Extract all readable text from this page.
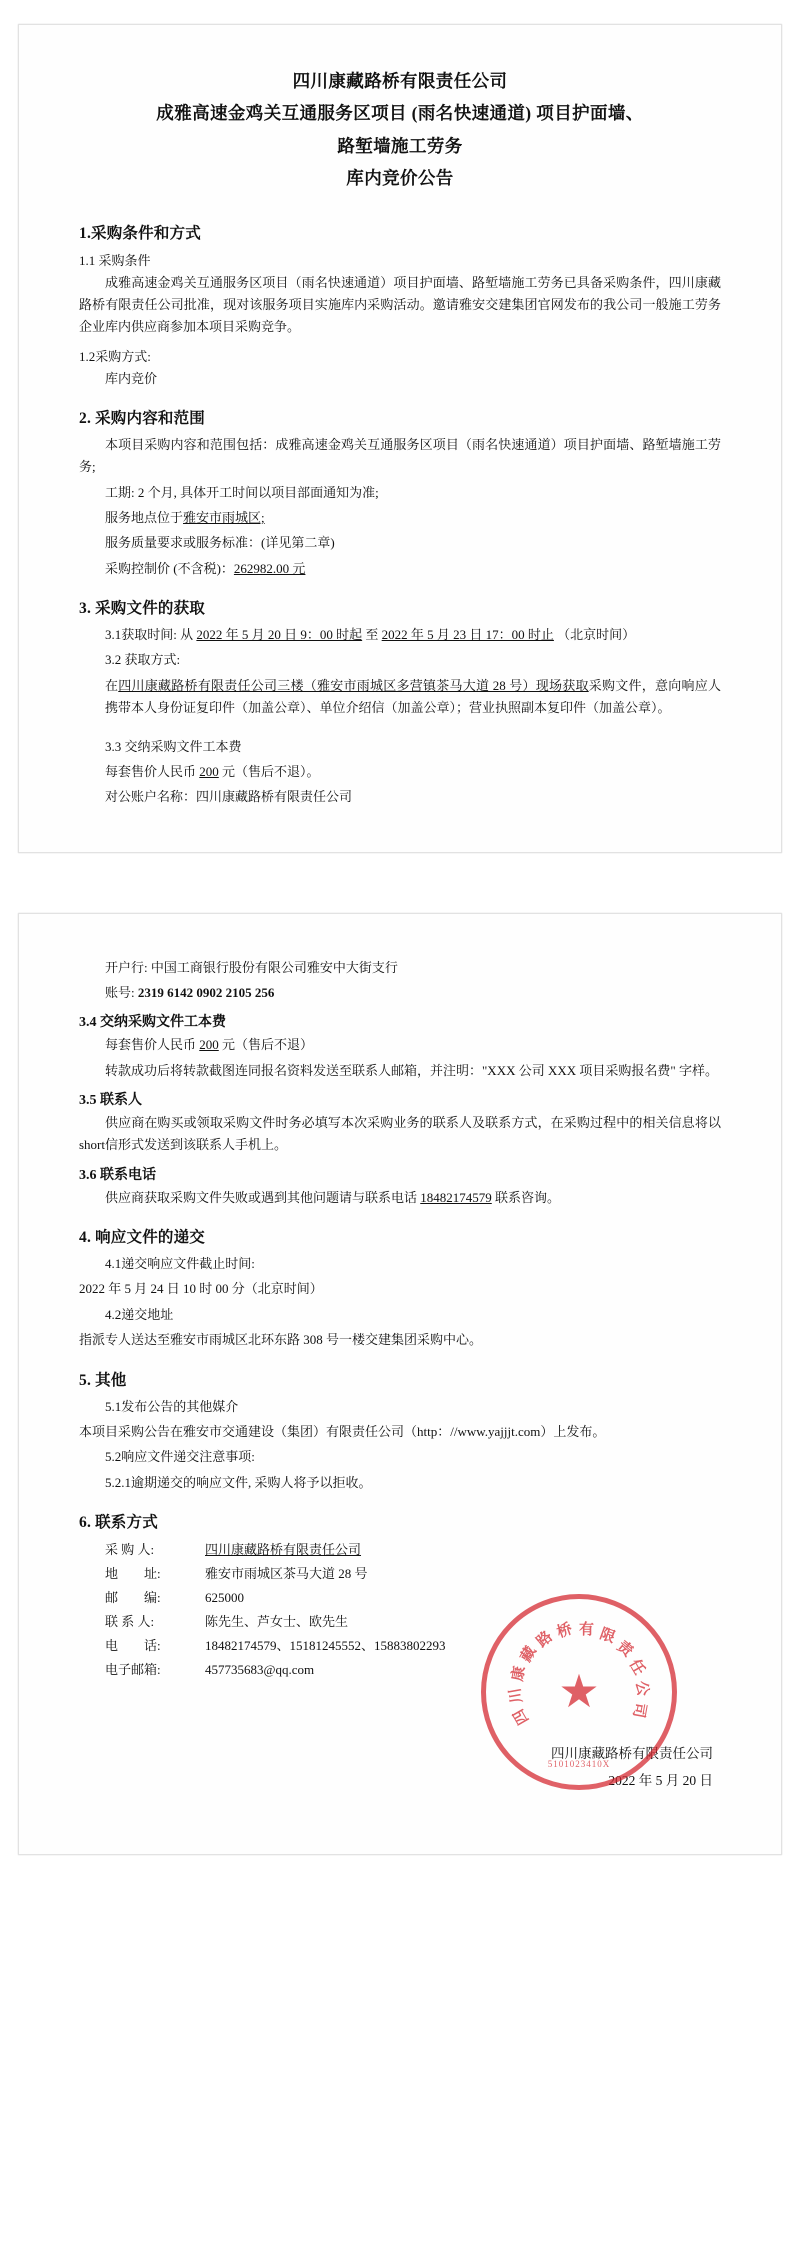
四川康藏路桥有限责任公司
成雅高速金鸡关互通服务区项目 (雨名快速通道) 项目护面墙、
路堑墙施工劳务
库内竞价公告
1.采购条件和方式
1.1 采购条件
成雅高速金鸡关互通服务区项目（雨名快速通道）项目护面墙、路堑墙施工劳务已具备采购条件，四川康藏路桥有限责任公司批准，现对该服务项目实施库内采购活动。邀请雅安交建集团官网发布的我公司一般施工劳务企业库内供应商参加本项目采购竞争。
1.2采购方式:
库内竞价
2. 采购内容和范围
本项目采购内容和范围包括：成雅高速金鸡关互通服务区项目（雨名快速通道）项目护面墙、路堑墙施工劳务;
工期: 2 个月, 具体开工时间以项目部面通知为准;
服务地点位于雅安市雨城区;
服务质量要求或服务标准：(详见第二章)
采购控制价 (不含税)：262982.00 元
3. 采购文件的获取
3.1获取时间: 从 2022 年 5 月 20 日 9：00 时起 至 2022 年 5 月 23 日 17：00 时止 （北京时间）
3.2 获取方式:
在四川康藏路桥有限责任公司三楼（雅安市雨城区多营镇茶马大道 28 号）现场获取采购文件，意向响应人携带本人身份证复印件（加盖公章）、单位介绍信（加盖公章）；营业执照副本复印件（加盖公章）。
3.3 交纳采购文件工本费
每套售价人民币 200 元（售后不退）。
对公账户名称：四川康藏路桥有限责任公司
开户行: 中国工商银行股份有限公司雅安中大街支行
账号: 2319 6142 0902 2105 256
3.4 交纳采购文件工本费
每套售价人民币 200 元（售后不退）
转款成功后将转款截图连同报名资料发送至联系人邮箱，并注明："XXX 公司 XXX 项目采购报名费" 字样。
3.5 联系人
供应商在购买或领取采购文件时务必填写本次采购业务的联系人及联系方式，在采购过程中的相关信息将以short信形式发送到该联系人手机上。
3.6 联系电话
供应商获取采购文件失败或遇到其他问题请与联系电话 18482174579 联系咨询。
4. 响应文件的递交
4.1递交响应文件截止时间:
2022 年 5 月 24 日 10 时 00 分（北京时间）
4.2递交地址
指派专人送达至雅安市雨城区北环东路 308 号一楼交建集团采购中心。
5. 其他
5.1发布公告的其他媒介
本项目采购公告在雅安市交通建设（集团）有限责任公司（http：//www.yajjjt.com）上发布。
5.2响应文件递交注意事项:
5.2.1逾期递交的响应文件, 采购人将予以拒收。
6. 联系方式
采 购 人:	四川康藏路桥有限责任公司
地　　址:	雅安市雨城区茶马大道 28 号
邮　　编:	625000
联 系 人:	陈先生、芦女士、欧先生
电　　话:	18482174579、15181245552、15883802293
电子邮箱:	457735683@qq.com
四川康藏路桥有限责任公司
2022 年 5 月 20 日
四
川
康
藏
路 桥 有 限
责
任
公
司
★
5101023410X
